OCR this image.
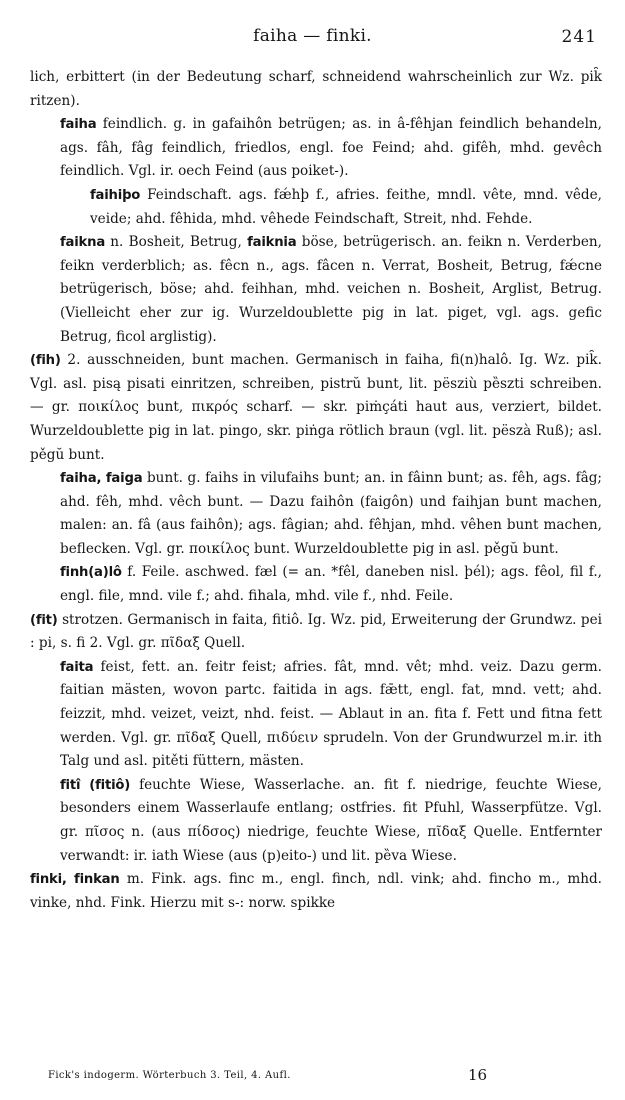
faiha — finki.	241

lich, erbittert (in der Bedeutung scharf, schneidend wahrscheinlich zur Wz. pik̑ ritzen).

faiha feindlich. g. in gafaihôn betrügen; as. in â-fêhjan feindlich behandeln, ags. fâh, fâg feindlich, friedlos, engl. foe Feind; ahd. gifêh, mhd. gevêch feindlich. Vgl. ir. oech Feind (aus poiket-).

faihiþo Feindschaft. ags. fǽhþ f., afries. feithe, mndl. vête, mnd. vêde, veide; ahd. fêhida, mhd. vêhede Feindschaft, Streit, nhd. Fehde.

faikna n. Bosheit, Betrug, faiknia böse, betrügerisch. an. feikn n. Verderben, feikn verderblich; as. fêcn n., ags. fâcen n. Verrat, Bosheit, Betrug, fǽcne betrügerisch, böse; ahd. feihhan, mhd. veichen n. Bosheit, Arglist, Betrug. (Vielleicht eher zur ig. Wurzeldoublette pig in lat. piget, vgl. ags. gefic Betrug, ficol arglistig).

(fih) 2. ausschneiden, bunt machen. Germanisch in faiha, fi(n)halô. Ig. Wz. pik̑. Vgl. asl. pisą pisati einritzen, schreiben, pistrŭ bunt, lit. pësziù pȅszti schreiben. — gr. ποικίλος bunt, πικρός scharf. — skr. piṁçáti haut aus, verziert, bildet. Wurzeldoublette pig in lat. pingo, skr. piṅga rötlich braun (vgl. lit. pëszà Ruß); asl. pěgŭ bunt.

faiha, faiga bunt. g. faihs in vilufaihs bunt; an. in fâinn bunt; as. fêh, ags. fâg; ahd. fêh, mhd. vêch bunt. — Dazu faihôn (faigôn) und faihjan bunt machen, malen: an. fâ (aus faihôn); ags. fâgian; ahd. fêhjan, mhd. vêhen bunt machen, beflecken. Vgl. gr. ποικίλος bunt. Wurzeldoublette pig in asl. pěgŭ bunt.

finh(a)lô f. Feile. aschwed. fæl (= an. *fêl, daneben nisl. þél); ags. fêol, fil f., engl. file, mnd. vile f.; ahd. fihala, mhd. vile f., nhd. Feile.

(fit) strotzen. Germanisch in faita, fitiô. Ig. Wz. pid, Erweiterung der Grundwz. pei : pi, s. fi 2. Vgl. gr. πῖδαξ Quell.

faita feist, fett. an. feitr feist; afries. fât, mnd. vêt; mhd. veiz. Dazu germ. faitian mästen, wovon partc. faitida in ags. fǣtt, engl. fat, mnd. vett; ahd. feizzit, mhd. veizet, veizt, nhd. feist. — Ablaut in an. fita f. Fett und fitna fett werden. Vgl. gr. πῖδαξ Quell, πιδύειν sprudeln. Von der Grundwurzel m.ir. ith Talg und asl. pitěti füttern, mästen.

fitî (fitiô) feuchte Wiese, Wasserlache. an. fit f. niedrige, feuchte Wiese, besonders einem Wasserlaufe entlang; ostfries. fit Pfuhl, Wasserpfütze. Vgl. gr. πῖσος n. (aus πίδσος) niedrige, feuchte Wiese, πῖδαξ Quelle. Entfernter verwandt: ir. iath Wiese (aus (p)eito-) und lit. pȅva Wiese.

finki, finkan m. Fink. ags. finc m., engl. finch, ndl. vink; ahd. fincho m., mhd. vinke, nhd. Fink. Hierzu mit s-: norw. spikke

Fick's indogerm. Wörterbuch 3. Teil, 4. Aufl.	16
